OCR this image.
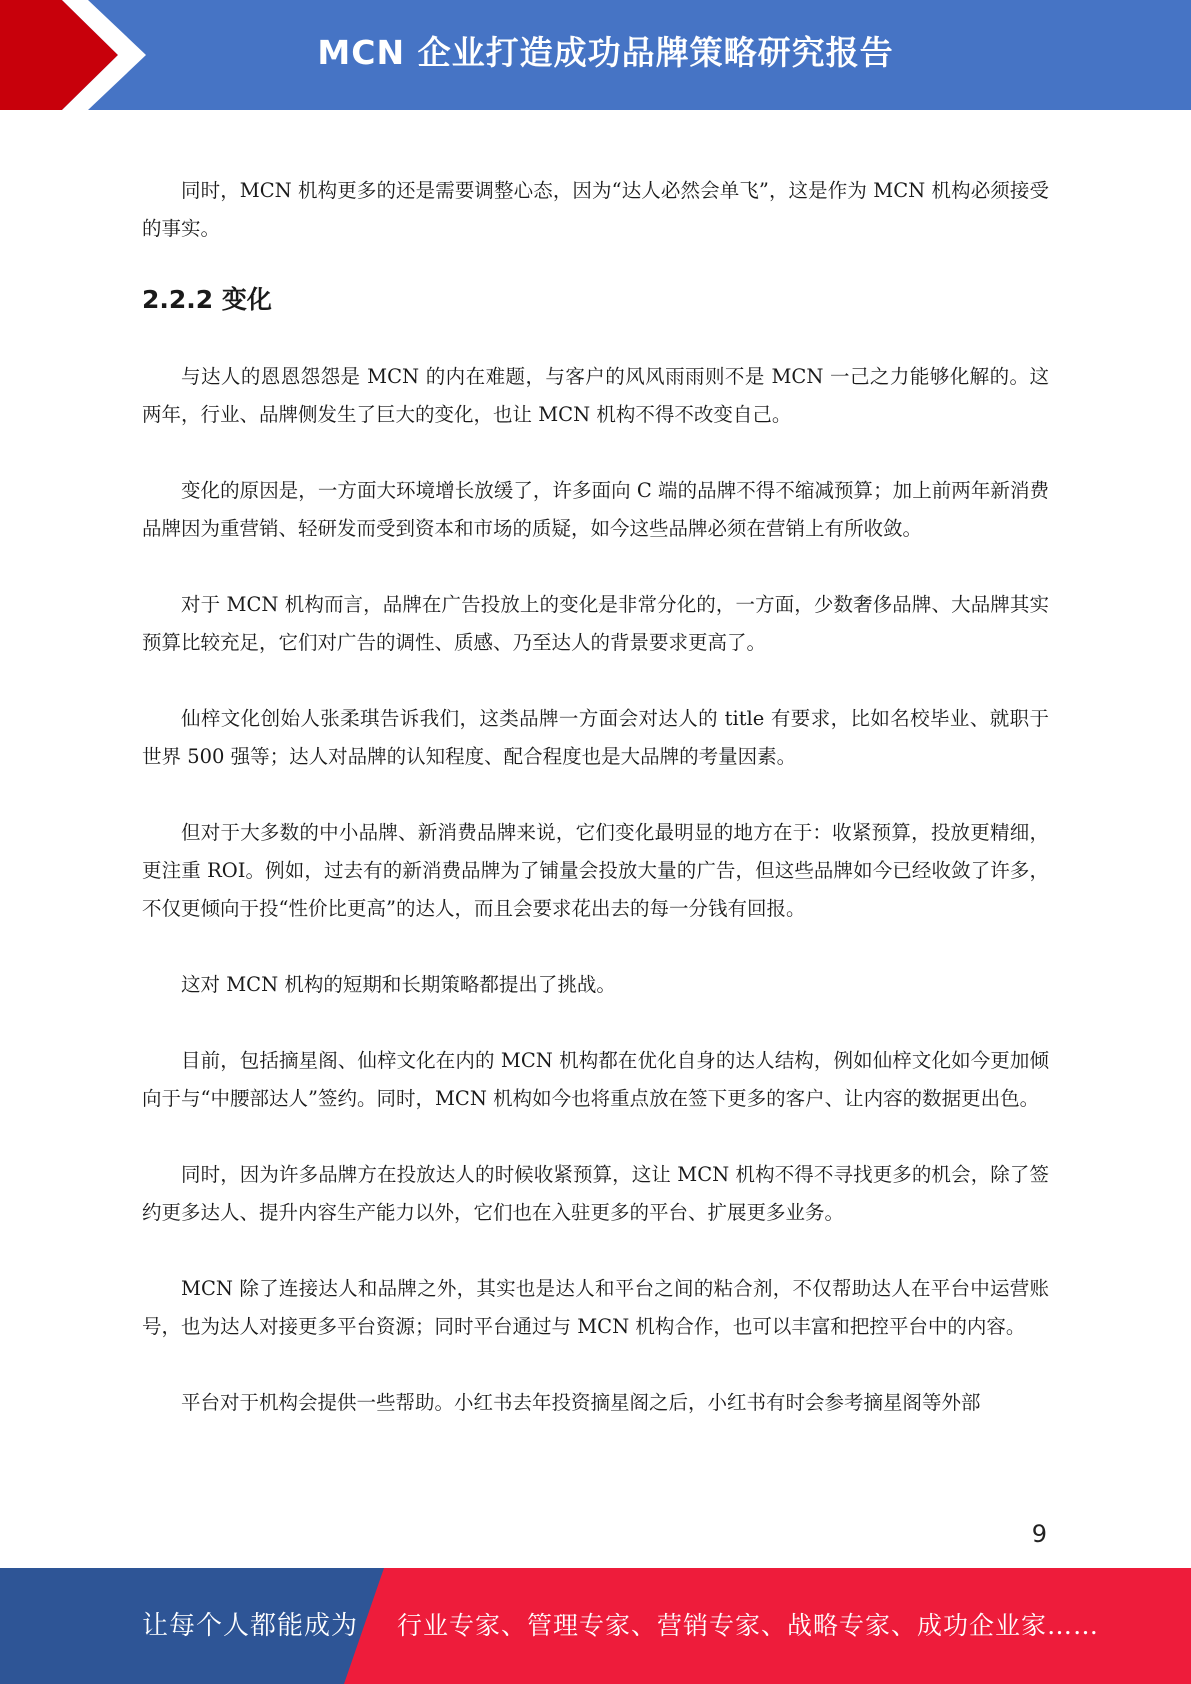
MCN 企业打造成功品牌策略研究报告

同时，MCN 机构更多的还是需要调整心态，因为“达人必然会单飞”，这是作为 MCN 机构必须接受的事实。

2.2.2 变化

与达人的恩恩怨怨是 MCN 的内在难题，与客户的风风雨雨则不是 MCN 一己之力能够化解的。这两年，行业、品牌侧发生了巨大的变化，也让 MCN 机构不得不改变自己。

变化的原因是，一方面大环境增长放缓了，许多面向 C 端的品牌不得不缩减预算；加上前两年新消费品牌因为重营销、轻研发而受到资本和市场的质疑，如今这些品牌必须在营销上有所收敛。

对于 MCN 机构而言，品牌在广告投放上的变化是非常分化的，一方面，少数奢侈品牌、大品牌其实预算比较充足，它们对广告的调性、质感、乃至达人的背景要求更高了。

仙梓文化创始人张柔琪告诉我们，这类品牌一方面会对达人的 title 有要求，比如名校毕业、就职于世界 500 强等；达人对品牌的认知程度、配合程度也是大品牌的考量因素。

但对于大多数的中小品牌、新消费品牌来说，它们变化最明显的地方在于：收紧预算，投放更精细，更注重 ROI。例如，过去有的新消费品牌为了铺量会投放大量的广告，但这些品牌如今已经收敛了许多，不仅更倾向于投“性价比更高”的达人，而且会要求花出去的每一分钱有回报。

这对 MCN 机构的短期和长期策略都提出了挑战。

目前，包括摘星阁、仙梓文化在内的 MCN 机构都在优化自身的达人结构，例如仙梓文化如今更加倾向于与“中腰部达人”签约。同时，MCN 机构如今也将重点放在签下更多的客户、让内容的数据更出色。

同时，因为许多品牌方在投放达人的时候收紧预算，这让 MCN 机构不得不寻找更多的机会，除了签约更多达人、提升内容生产能力以外，它们也在入驻更多的平台、扩展更多业务。

MCN 除了连接达人和品牌之外，其实也是达人和平台之间的粘合剂，不仅帮助达人在平台中运营账号，也为达人对接更多平台资源；同时平台通过与 MCN 机构合作，也可以丰富和把控平台中的内容。

平台对于机构会提供一些帮助。小红书去年投资摘星阁之后，小红书有时会参考摘星阁等外部

9
让每个人都能成为 行业专家、管理专家、营销专家、战略专家、成功企业家……
